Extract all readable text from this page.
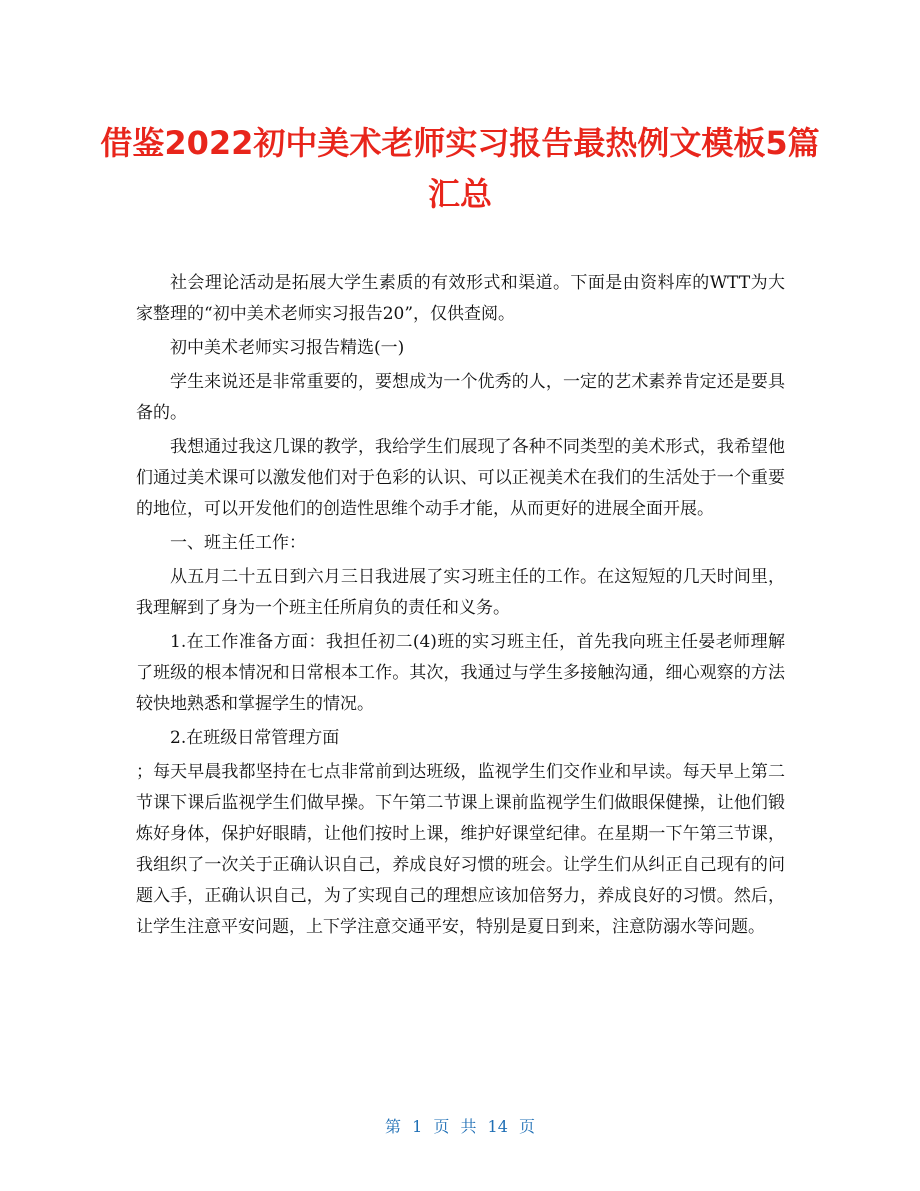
借鉴2022初中美术老师实习报告最热例文模板5篇汇总

社会理论活动是拓展大学生素质的有效形式和渠道。下面是由资料库的WTT为大家整理的“初中美术老师实习报告20”，仅供查阅。

初中美术老师实习报告精选(一)

学生来说还是非常重要的，要想成为一个优秀的人，一定的艺术素养肯定还是要具备的。

我想通过我这几课的教学，我给学生们展现了各种不同类型的美术形式，我希望他们通过美术课可以激发他们对于色彩的认识、可以正视美术在我们的生活处于一个重要的地位，可以开发他们的创造性思维个动手才能，从而更好的进展全面开展。

一、班主任工作：

从五月二十五日到六月三日我进展了实习班主任的工作。在这短短的几天时间里，我理解到了身为一个班主任所肩负的责任和义务。

1.在工作准备方面：我担任初二(4)班的实习班主任，首先我向班主任晏老师理解了班级的根本情况和日常根本工作。其次，我通过与学生多接触沟通，细心观察的方法较快地熟悉和掌握学生的情况。

2.在班级日常管理方面

；每天早晨我都坚持在七点非常前到达班级，监视学生们交作业和早读。每天早上第二节课下课后监视学生们做早操。下午第二节课上课前监视学生们做眼保健操，让他们锻炼好身体，保护好眼睛，让他们按时上课，维护好课堂纪律。在星期一下午第三节课，我组织了一次关于正确认识自己，养成良好习惯的班会。让学生们从纠正自己现有的问题入手，正确认识自己，为了实现自己的理想应该加倍努力，养成良好的习惯。然后，让学生注意平安问题，上下学注意交通平安，特别是夏日到来，注意防溺水等问题。

第 1 页 共 14 页
